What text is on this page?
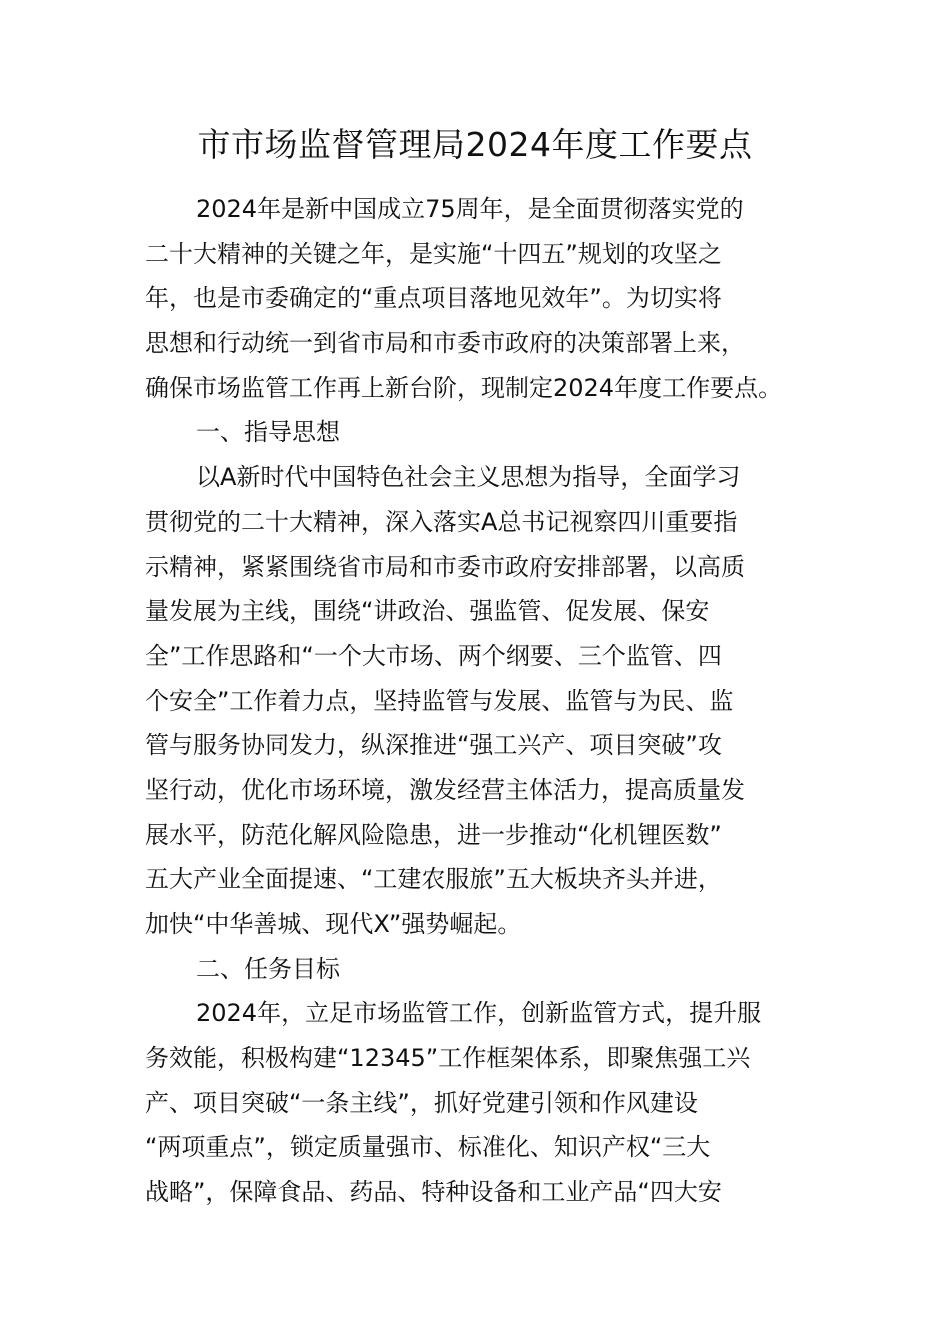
市市场监督管理局2024年度工作要点
2024年是新中国成立75周年，是全面贯彻落实党的
二十大精神的关键之年，是实施“十四五”规划的攻坚之
年，也是市委确定的“重点项目落地见效年”。为切实将
思想和行动统一到省市局和市委市政府的决策部署上来，
确保市场监管工作再上新台阶，现制定2024年度工作要点。
一、指导思想
以A新时代中国特色社会主义思想为指导，全面学习
贯彻党的二十大精神，深入落实A总书记视察四川重要指
示精神，紧紧围绕省市局和市委市政府安排部署，以高质
量发展为主线，围绕“讲政治、强监管、促发展、保安
全”工作思路和“一个大市场、两个纲要、三个监管、四
个安全”工作着力点，坚持监管与发展、监管与为民、监
管与服务协同发力，纵深推进“强工兴产、项目突破”攻
坚行动，优化市场环境，激发经营主体活力，提高质量发
展水平，防范化解风险隐患，进一步推动“化机锂医数”
五大产业全面提速、“工建农服旅”五大板块齐头并进，
加快“中华善城、现代X”强势崛起。
二、任务目标
2024年，立足市场监管工作，创新监管方式，提升服
务效能，积极构建“12345”工作框架体系，即聚焦强工兴
产、项目突破“一条主线”，抓好党建引领和作风建设
“两项重点”，锁定质量强市、标准化、知识产权“三大
战略”，保障食品、药品、特种设备和工业产品“四大安
